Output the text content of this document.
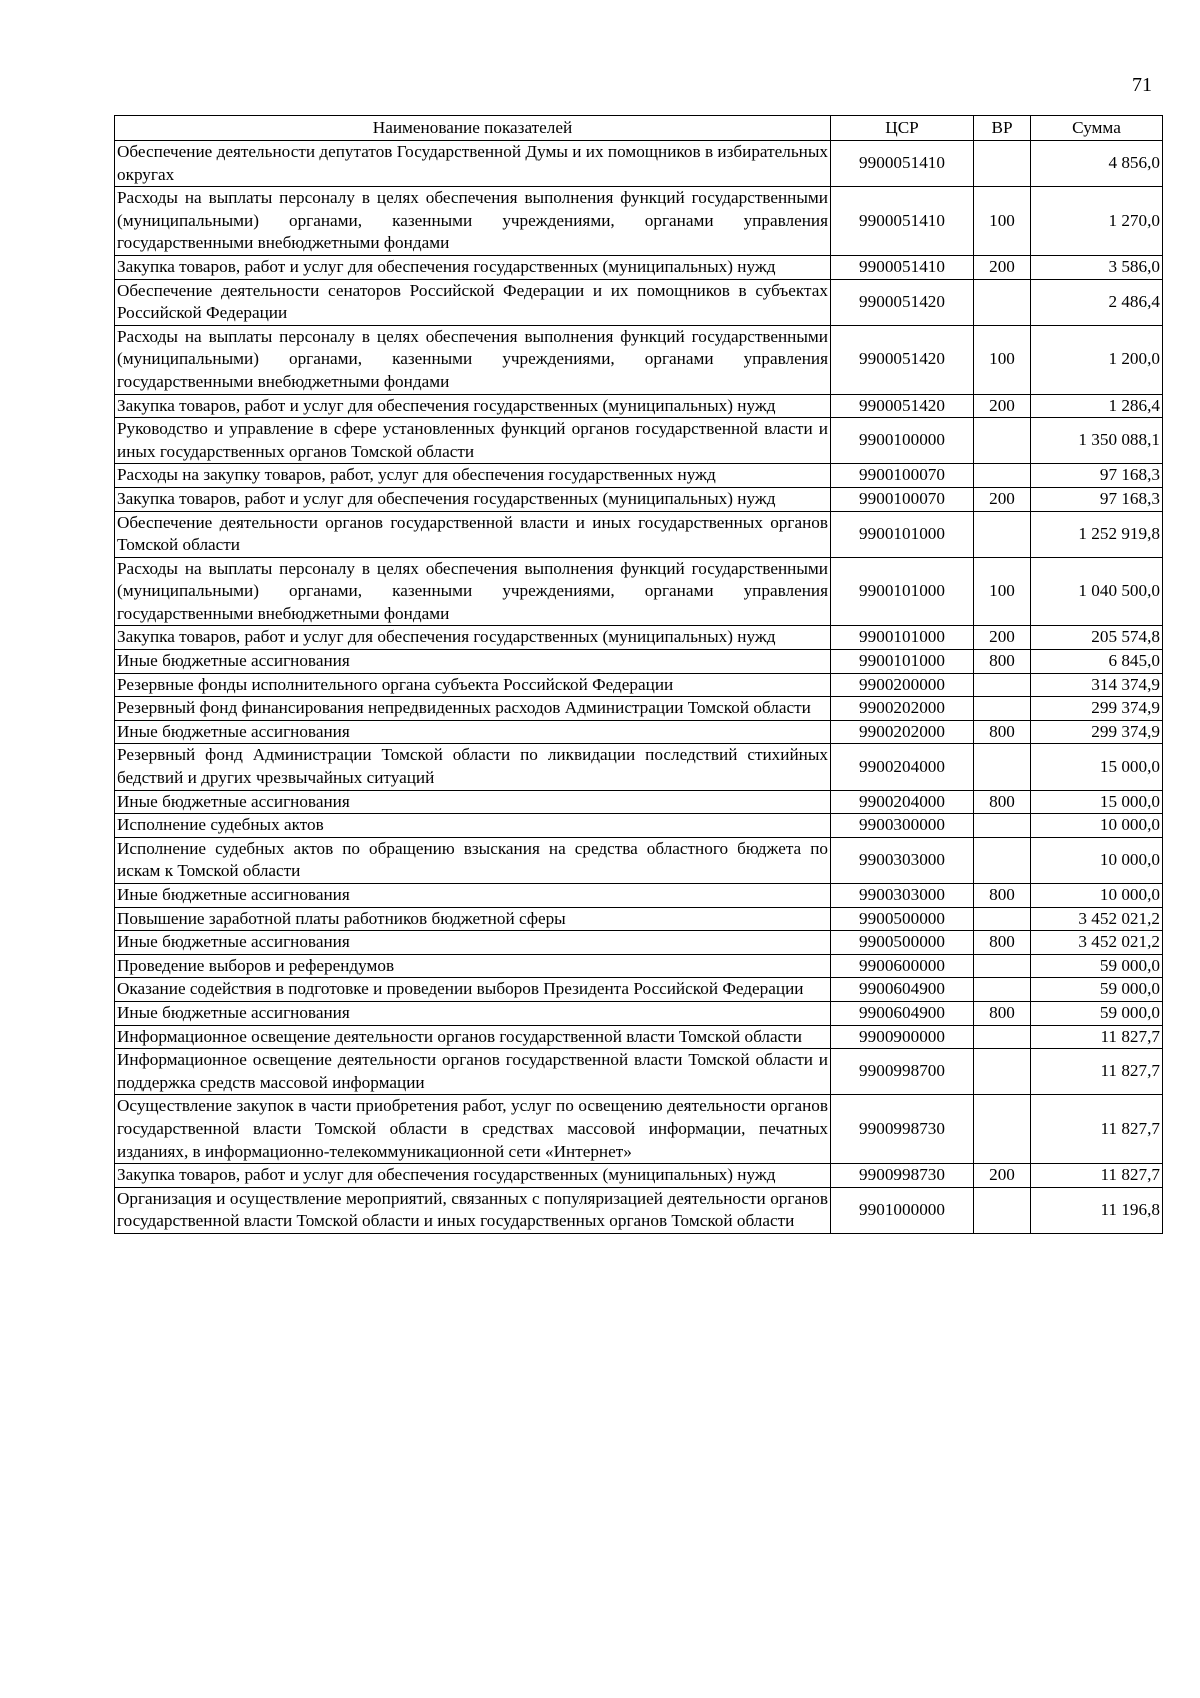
71
Наименование показателей	ЦСР	ВР	Сумма
Обеспечение деятельности депутатов Государственной Думы и их помощников в избирательных округах	9900051410		4 856,0
Расходы на выплаты персоналу в целях обеспечения выполнения функций государственными (муниципальными) органами, казенными учреждениями, органами управления государственными внебюджетными фондами	9900051410	100	1 270,0
Закупка товаров, работ и услуг для обеспечения государственных (муниципальных) нужд	9900051410	200	3 586,0
Обеспечение деятельности сенаторов Российской Федерации и их помощников в субъектах Российской Федерации	9900051420		2 486,4
Расходы на выплаты персоналу в целях обеспечения выполнения функций государственными (муниципальными) органами, казенными учреждениями, органами управления государственными внебюджетными фондами	9900051420	100	1 200,0
Закупка товаров, работ и услуг для обеспечения государственных (муниципальных) нужд	9900051420	200	1 286,4
Руководство и управление в сфере установленных функций органов государственной власти и иных государственных органов Томской области	9900100000		1 350 088,1
Расходы на закупку товаров, работ, услуг для обеспечения государственных нужд	9900100070		97 168,3
Закупка товаров, работ и услуг для обеспечения государственных (муниципальных) нужд	9900100070	200	97 168,3
Обеспечение деятельности органов государственной власти и иных государственных органов Томской области	9900101000		1 252 919,8
Расходы на выплаты персоналу в целях обеспечения выполнения функций государственными (муниципальными) органами, казенными учреждениями, органами управления государственными внебюджетными фондами	9900101000	100	1 040 500,0
Закупка товаров, работ и услуг для обеспечения государственных (муниципальных) нужд	9900101000	200	205 574,8
Иные бюджетные ассигнования	9900101000	800	6 845,0
Резервные фонды исполнительного органа субъекта Российской Федерации	9900200000		314 374,9
Резервный фонд финансирования непредвиденных расходов Администрации Томской области	9900202000		299 374,9
Иные бюджетные ассигнования	9900202000	800	299 374,9
Резервный фонд Администрации Томской области по ликвидации последствий стихийных бедствий и других чрезвычайных ситуаций	9900204000		15 000,0
Иные бюджетные ассигнования	9900204000	800	15 000,0
Исполнение судебных актов	9900300000		10 000,0
Исполнение судебных актов по обращению взыскания на средства областного бюджета по искам к Томской области	9900303000		10 000,0
Иные бюджетные ассигнования	9900303000	800	10 000,0
Повышение заработной платы работников бюджетной сферы	9900500000		3 452 021,2
Иные бюджетные ассигнования	9900500000	800	3 452 021,2
Проведение выборов и референдумов	9900600000		59 000,0
Оказание содействия в подготовке и проведении выборов Президента Российской Федерации	9900604900		59 000,0
Иные бюджетные ассигнования	9900604900	800	59 000,0
Информационное освещение деятельности органов государственной власти Томской области	9900900000		11 827,7
Информационное освещение деятельности органов государственной власти Томской области и поддержка средств массовой информации	9900998700		11 827,7
Осуществление закупок в части приобретения работ, услуг по освещению деятельности органов государственной власти Томской области в средствах массовой информации, печатных изданиях, в информационно-телекоммуникационной сети «Интернет»	9900998730		11 827,7
Закупка товаров, работ и услуг для обеспечения государственных (муниципальных) нужд	9900998730	200	11 827,7
Организация и осуществление мероприятий, связанных с популяризацией деятельности органов государственной власти Томской области и иных государственных органов Томской области	9901000000		11 196,8
